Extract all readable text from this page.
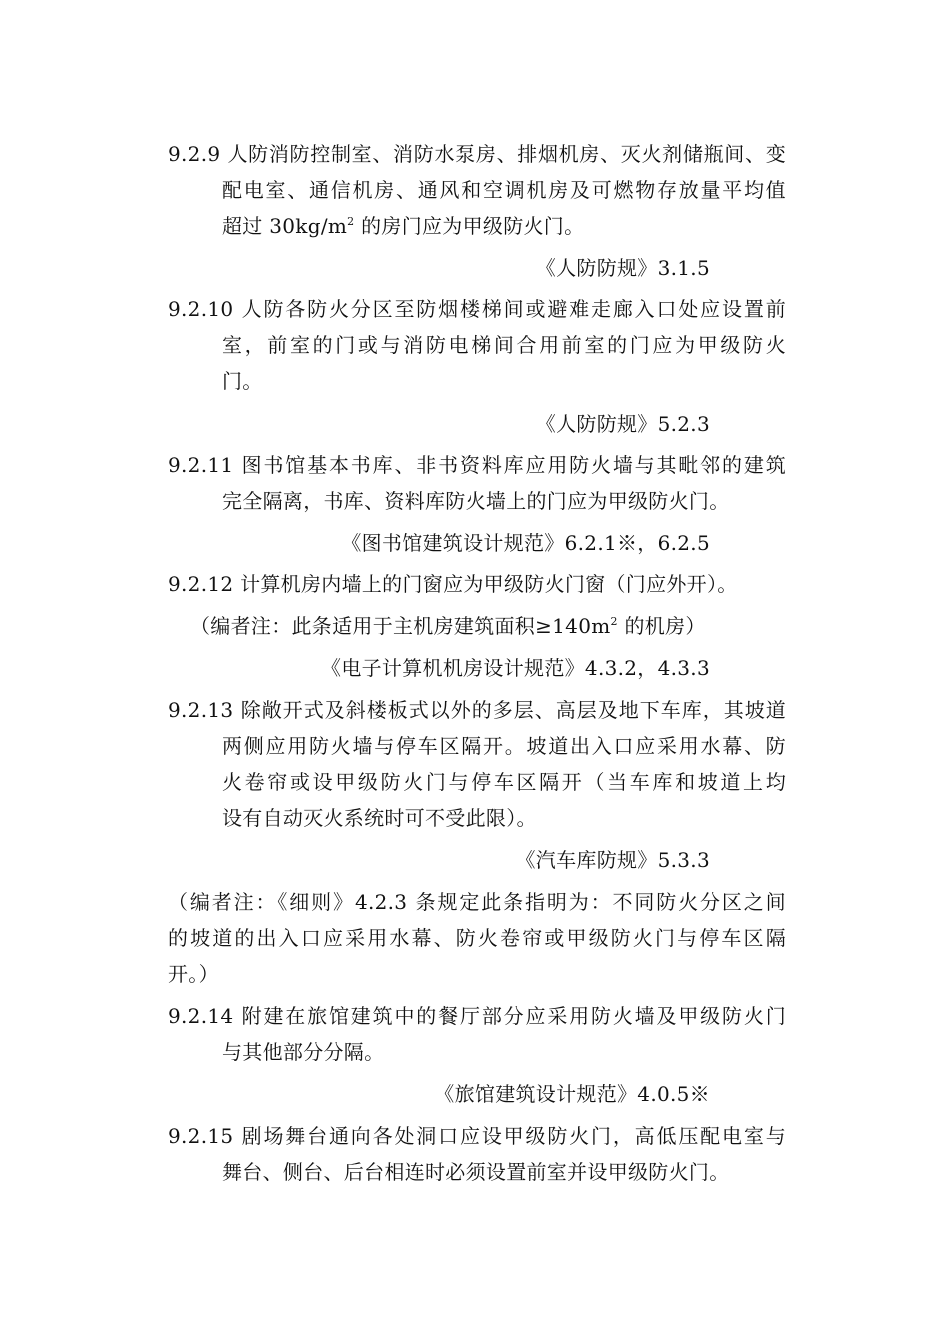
9.2.9 人防消防控制室、消防水泵房、排烟机房、灭火剂储瓶间、变
配电室、通信机房、通风和空调机房及可燃物存放量平均值
超过 $30kg/m^2$ 的房门应为甲级防火门。
《人防防规》3.1.5
9.2.10 人防各防火分区至防烟楼梯间或避难走廊入口处应设置前
室，前室的门或与消防电梯间合用前室的门应为甲级防火
门。
《人防防规》5.2.3
9.2.11 图书馆基本书库、非书资料库应用防火墙与其毗邻的建筑
完全隔离，书库、资料库防火墙上的门应为甲级防火门。
《图书馆建筑设计规范》6.2.1※，6.2.5
9.2.12 计算机房内墙上的门窗应为甲级防火门窗（门应外开）。
（编者注：此条适用于主机房建筑面积$\ge 140m^2$ 的机房）
《电子计算机机房设计规范》4.3.2，4.3.3
9.2.13 除敞开式及斜楼板式以外的多层、高层及地下车库，其坡道
两侧应用防火墙与停车区隔开。坡道出入口应采用水幕、防
火卷帘或设甲级防火门与停车区隔开（当车库和坡道上均
设有自动灭火系统时可不受此限）。
《汽车库防规》5.3.3
（编者注：《细则》4.2.3 条规定此条指明为：不同防火分区之间
的坡道的出入口应采用水幕、防火卷帘或甲级防火门与停车区隔
开。）
9.2.14 附建在旅馆建筑中的餐厅部分应采用防火墙及甲级防火门
与其他部分分隔。
《旅馆建筑设计规范》4.0.5※
9.2.15 剧场舞台通向各处洞口应设甲级防火门，高低压配电室与
舞台、侧台、后台相连时必须设置前室并设甲级防火门。
